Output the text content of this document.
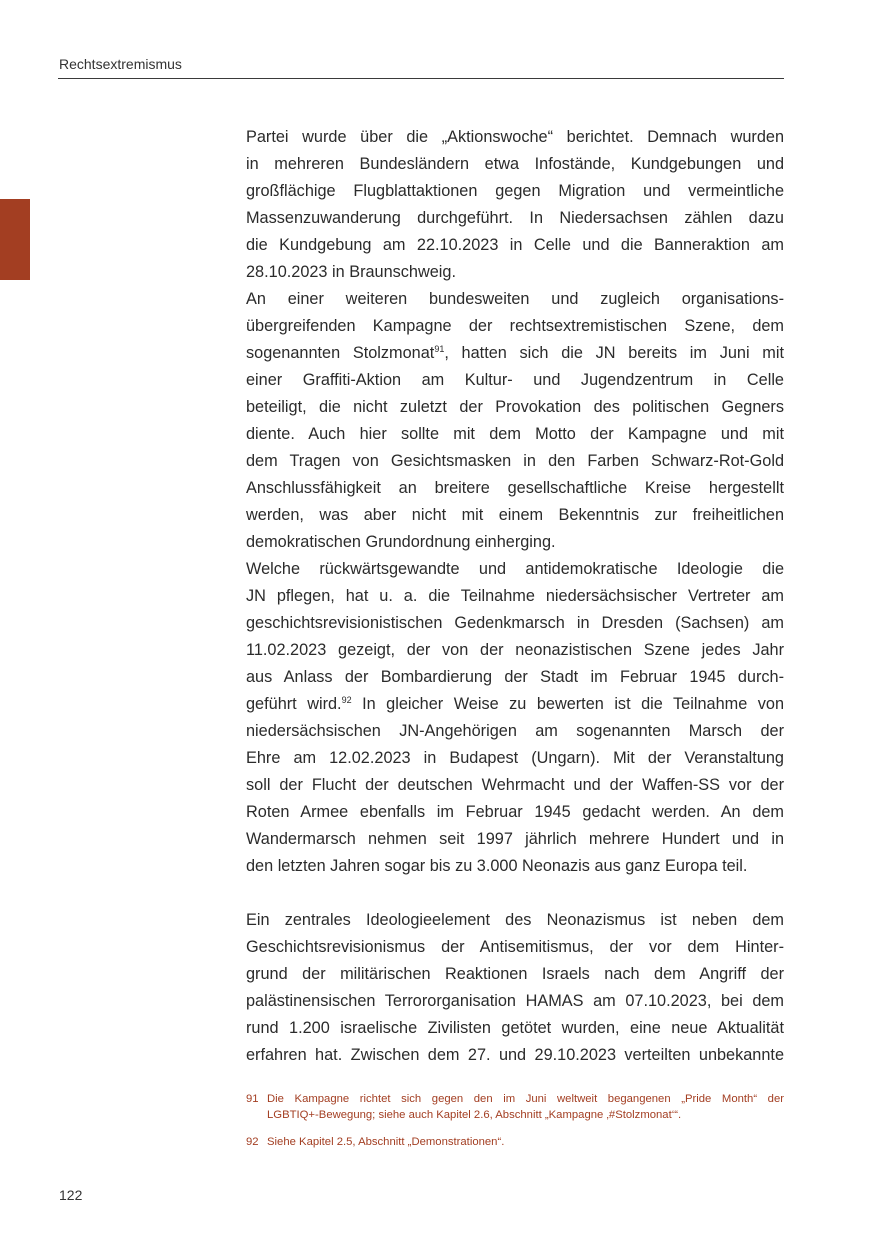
Rechtsextremismus

Partei wurde über die „Aktionswoche“ berichtet. Demnach wurden
in mehreren Bundesländern etwa Infostände, Kundgebungen und
großflächige Flugblattaktionen gegen Migration und vermeintliche
Massenzuwanderung durchgeführt. In Niedersachsen zählen dazu
die Kundgebung am 22.10.2023 in Celle und die Banneraktion am
28.10.2023 in Braunschweig.

An einer weiteren bundesweiten und zugleich organisations-
übergreifenden Kampagne der rechtsextremistischen Szene, dem
sogenannten Stolzmonat$^{91}$, hatten sich die JN bereits im Juni mit
einer Graffiti-Aktion am Kultur- und Jugendzentrum in Celle
beteiligt, die nicht zuletzt der Provokation des politischen Gegners
diente. Auch hier sollte mit dem Motto der Kampagne und mit
dem Tragen von Gesichtsmasken in den Farben Schwarz-Rot-Gold
Anschlussfähigkeit an breitere gesellschaftliche Kreise hergestellt
werden, was aber nicht mit einem Bekenntnis zur freiheitlichen
demokratischen Grundordnung einherging.

Welche rückwärtsgewandte und antidemokratische Ideologie die
JN pflegen, hat u. a. die Teilnahme niedersächsischer Vertreter am
geschichtsrevisionistischen Gedenkmarsch in Dresden (Sachsen) am
11.02.2023 gezeigt, der von der neonazistischen Szene jedes Jahr
aus Anlass der Bombardierung der Stadt im Februar 1945 durch-
geführt wird.$^{92}$ In gleicher Weise zu bewerten ist die Teilnahme von
niedersächsischen JN-Angehörigen am sogenannten Marsch der
Ehre am 12.02.2023 in Budapest (Ungarn). Mit der Veranstaltung
soll der Flucht der deutschen Wehrmacht und der Waffen-SS vor der
Roten Armee ebenfalls im Februar 1945 gedacht werden. An dem
Wandermarsch nehmen seit 1997 jährlich mehrere Hundert und in
den letzten Jahren sogar bis zu 3.000 Neonazis aus ganz Europa teil.

Ein zentrales Ideologieelement des Neonazismus ist neben dem
Geschichtsrevisionismus der Antisemitismus, der vor dem Hinter-
grund der militärischen Reaktionen Israels nach dem Angriff der
palästinensischen Terrororganisation HAMAS am 07.10.2023, bei dem
rund 1.200 israelische Zivilisten getötet wurden, eine neue Aktualität
erfahren hat. Zwischen dem 27. und 29.10.2023 verteilten unbekannte

91 Die Kampagne richtet sich gegen den im Juni weltweit begangenen „Pride Month“ der
LGBTIQ+-Bewegung; siehe auch Kapitel 2.6, Abschnitt „Kampagne ‚#Stolzmonat‘“.
92 Siehe Kapitel 2.5, Abschnitt „Demonstrationen“.
122
